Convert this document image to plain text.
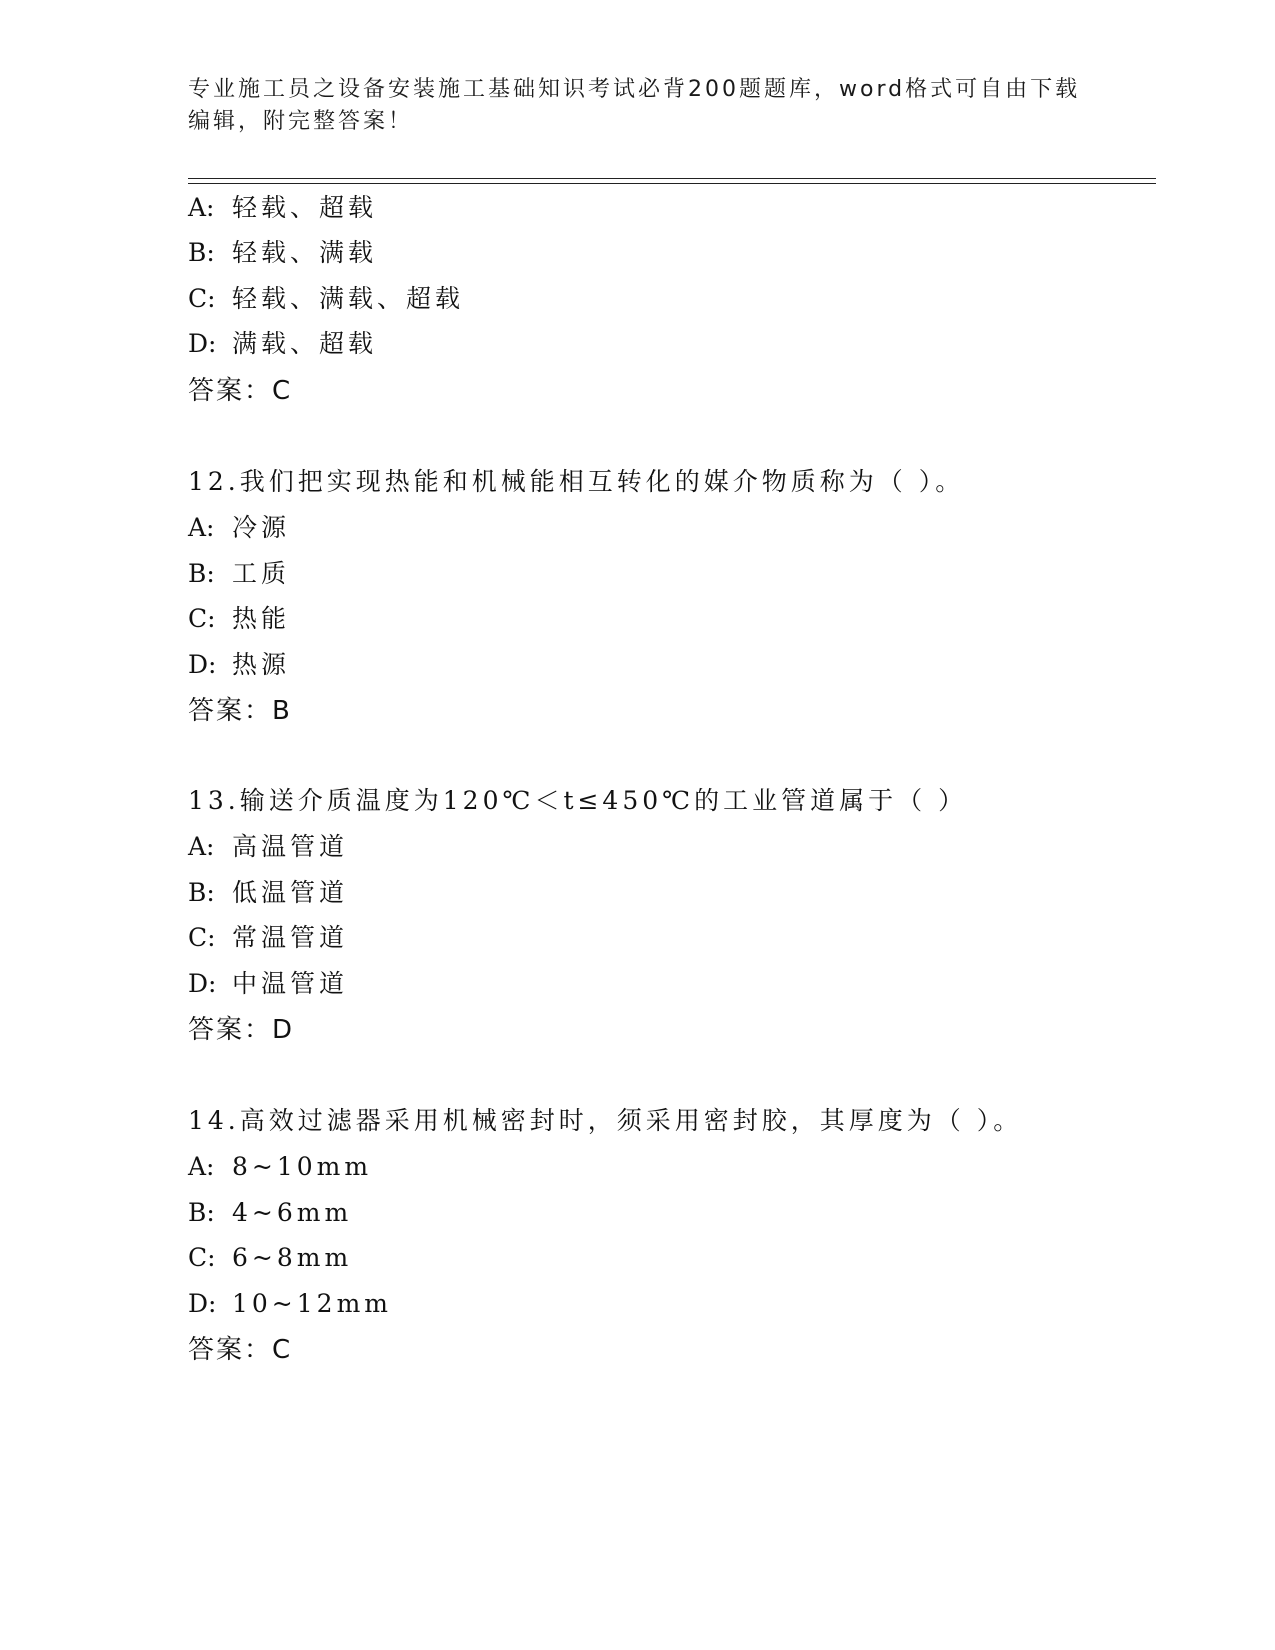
专业施工员之设备安装施工基础知识考试必背200题题库，word格式可自由下载
编辑，附完整答案！
A: 轻载、超载
B: 轻载、满载
C: 轻载、满载、超载
D: 满载、超载
答案：C
12.我们把实现热能和机械能相互转化的媒介物质称为（ ）。
A: 冷源
B: 工质
C: 热能
D: 热源
答案：B
13.输送介质温度为120℃＜t≤450℃的工业管道属于（ ）
A: 高温管道
B: 低温管道
C: 常温管道
D: 中温管道
答案：D
14.高效过滤器采用机械密封时，须采用密封胶，其厚度为（ ）。
A: 8~10mm
B: 4~6mm
C: 6~8mm
D: 10~12mm
答案：C
